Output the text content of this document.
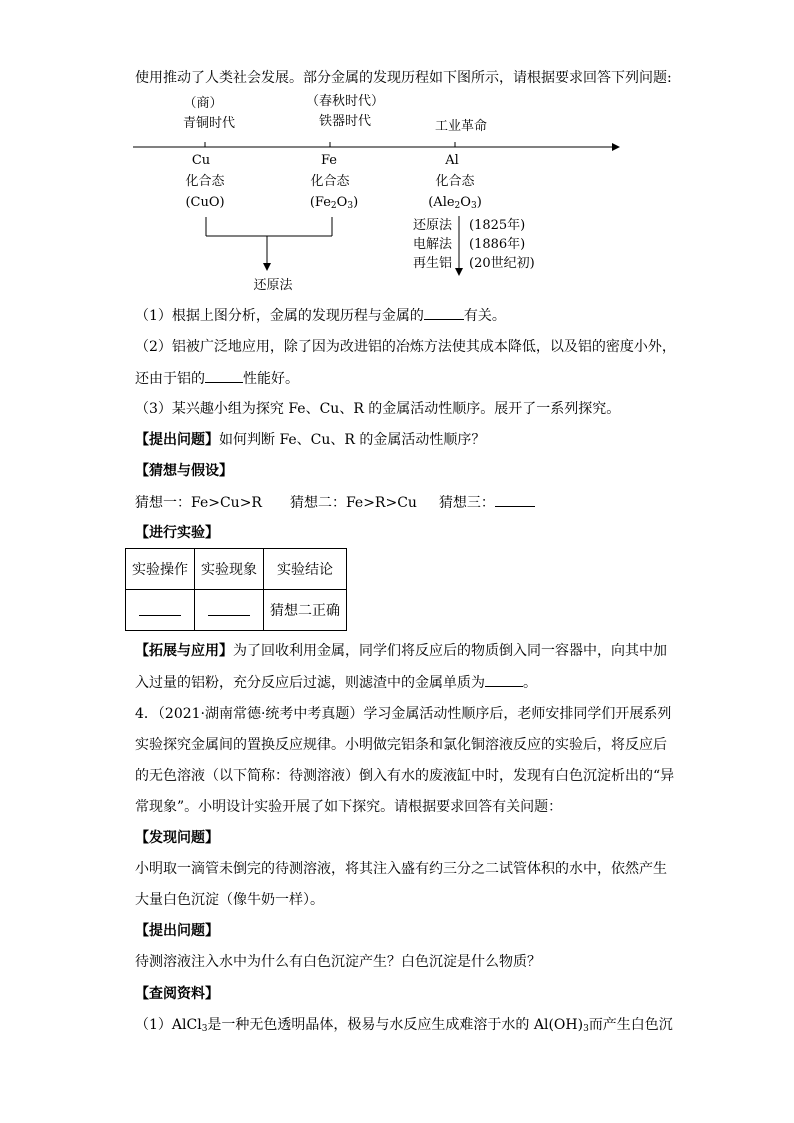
使用推动了人类社会发展。部分金属的发现历程如下图所示，请根据要求回答下列问题:
（商）
青铜时代
（春秋时代）
铁器时代	工业革命
Cu
化合态
(CuO)
Fe
化合态
$(Fe_2O_3)$
Al
化合态
$(Ale_2O_3)$
还原法 (1825年)
电解法 (1886年)
再生铝 (20世纪初)
还原法
（1）根据上图分析，金属的发现历程与金属的	有关。
（2）铝被广泛地应用，除了因为改进铝的冶炼方法使其成本降低，以及铝的密度小外，
还由于铝的	性能好。
（3）某兴趣小组为探究 Fe、Cu、R 的金属活动性顺序。展开了一系列探究。
【提出问题】如何判断 Fe、Cu、R 的金属活动性顺序？
【猜想与假设】
猜想一：Fe>Cu>R 猜想二：Fe>R>Cu 猜想三：
【进行实验】
实验操作	实验现象	实验结论
		猜想二正确
【拓展与应用】为了回收利用金属，同学们将反应后的物质倒入同一容器中，向其中加
入过量的铝粉，充分反应后过滤，则滤渣中的金属单质为	。
4．（2021·湖南常德·统考中考真题）学习金属活动性顺序后，老师安排同学们开展系列
实验探究金属间的置换反应规律。小明做完铝条和氯化铜溶液反应的实验后，将反应后
的无色溶液（以下简称：待测溶液）倒入有水的废液缸中时，发现有白色沉淀析出的“异
常现象”。小明设计实验开展了如下探究。请根据要求回答有关问题：
【发现问题】
小明取一滴管未倒完的待测溶液，将其注入盛有约三分之二试管体积的水中，依然产生
大量白色沉淀（像牛奶一样）。
【提出问题】
待测溶液注入水中为什么有白色沉淀产生？白色沉淀是什么物质？
【查阅资料】
（1）AlCl$_3$是一种无色透明晶体，极易与水反应生成难溶于水的 $Al(OH)_3$而产生白色沉
